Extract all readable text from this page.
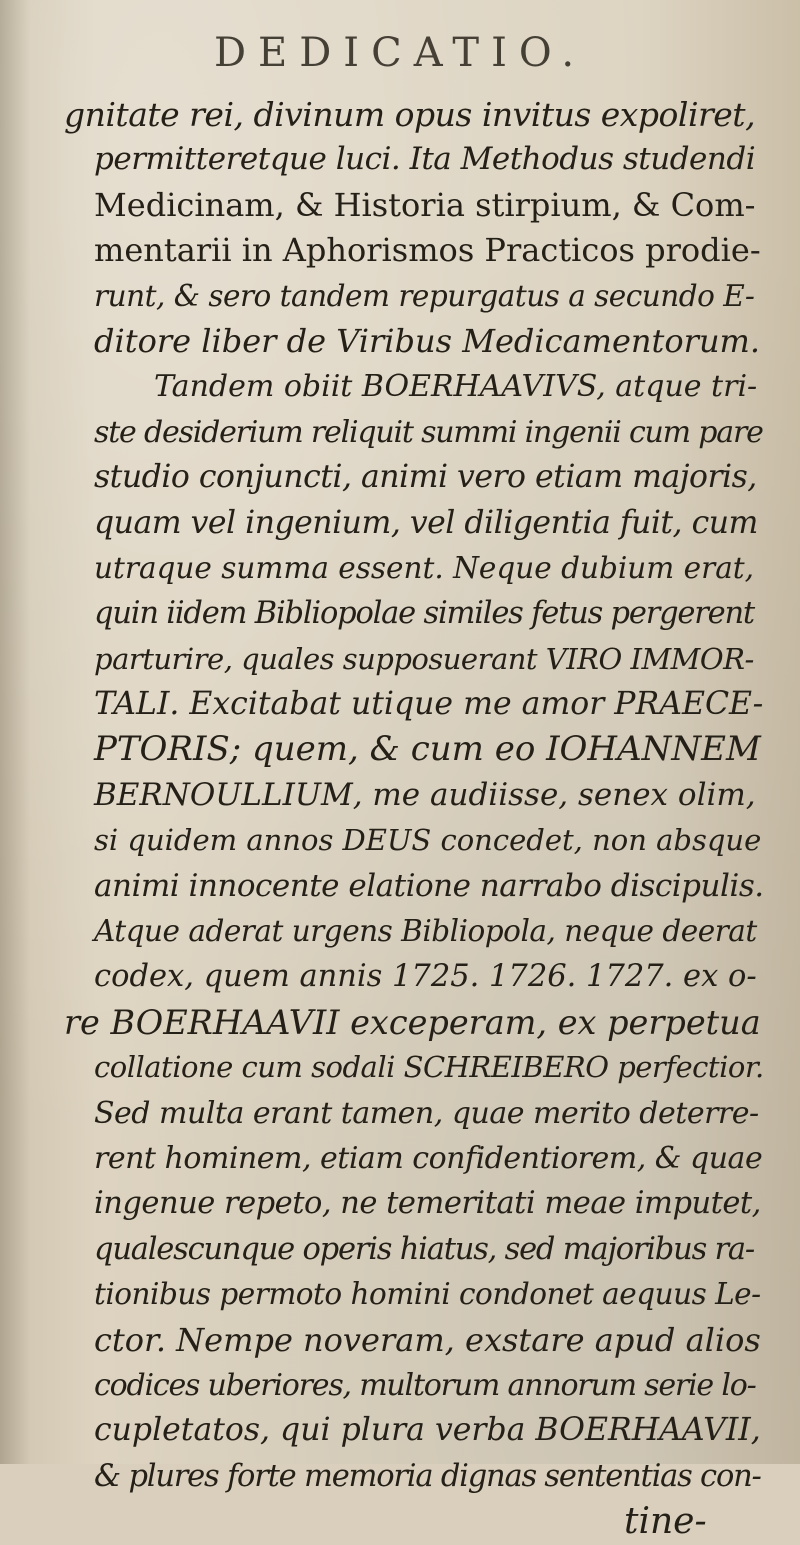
DEDICATIO.
gnitate rei, divinum opus invitus expoliret,
permitteretque luci. Ita Methodus studendi
Medicinam, & Historia stirpium, & Com-
mentarii in Aphorismos Practicos prodie-
runt, & sero tandem repurgatus a secundo E-
ditore liber de Viribus Medicamentorum.
Tandem obiit BOERHAAVIVS, atque tri-
ste desiderium reliquit summi ingenii cum pare
studio conjuncti, animi vero etiam majoris,
quam vel ingenium, vel diligentia fuit, cum
utraque summa essent. Neque dubium erat,
quin iidem Bibliopolae similes fetus pergerent
parturire, quales supposuerant VIRO IMMOR-
TALI. Excitabat utique me amor PRAECE-
PTORIS; quem, & cum eo IOHANNEM
BERNOULLIUM, me audiisse, senex olim,
si quidem annos DEUS concedet, non absque
animi innocente elatione narrabo discipulis.
Atque aderat urgens Bibliopola, neque deerat
codex, quem annis 1725. 1726. 1727. ex o-
re BOERHAAVII exceperam, ex perpetua
collatione cum sodali SCHREIBERO perfectior.
Sed multa erant tamen, quae merito deterre-
rent hominem, etiam confidentiorem, & quae
ingenue repeto, ne temeritati meae imputet,
qualescunque operis hiatus, sed majoribus ra-
tionibus permoto homini condonet aequus Le-
ctor. Nempe noveram, exstare apud alios
codices uberiores, multorum annorum serie lo-
cupletatos, qui plura verba BOERHAAVII,
& plures forte memoria dignas sententias con-
tine-
